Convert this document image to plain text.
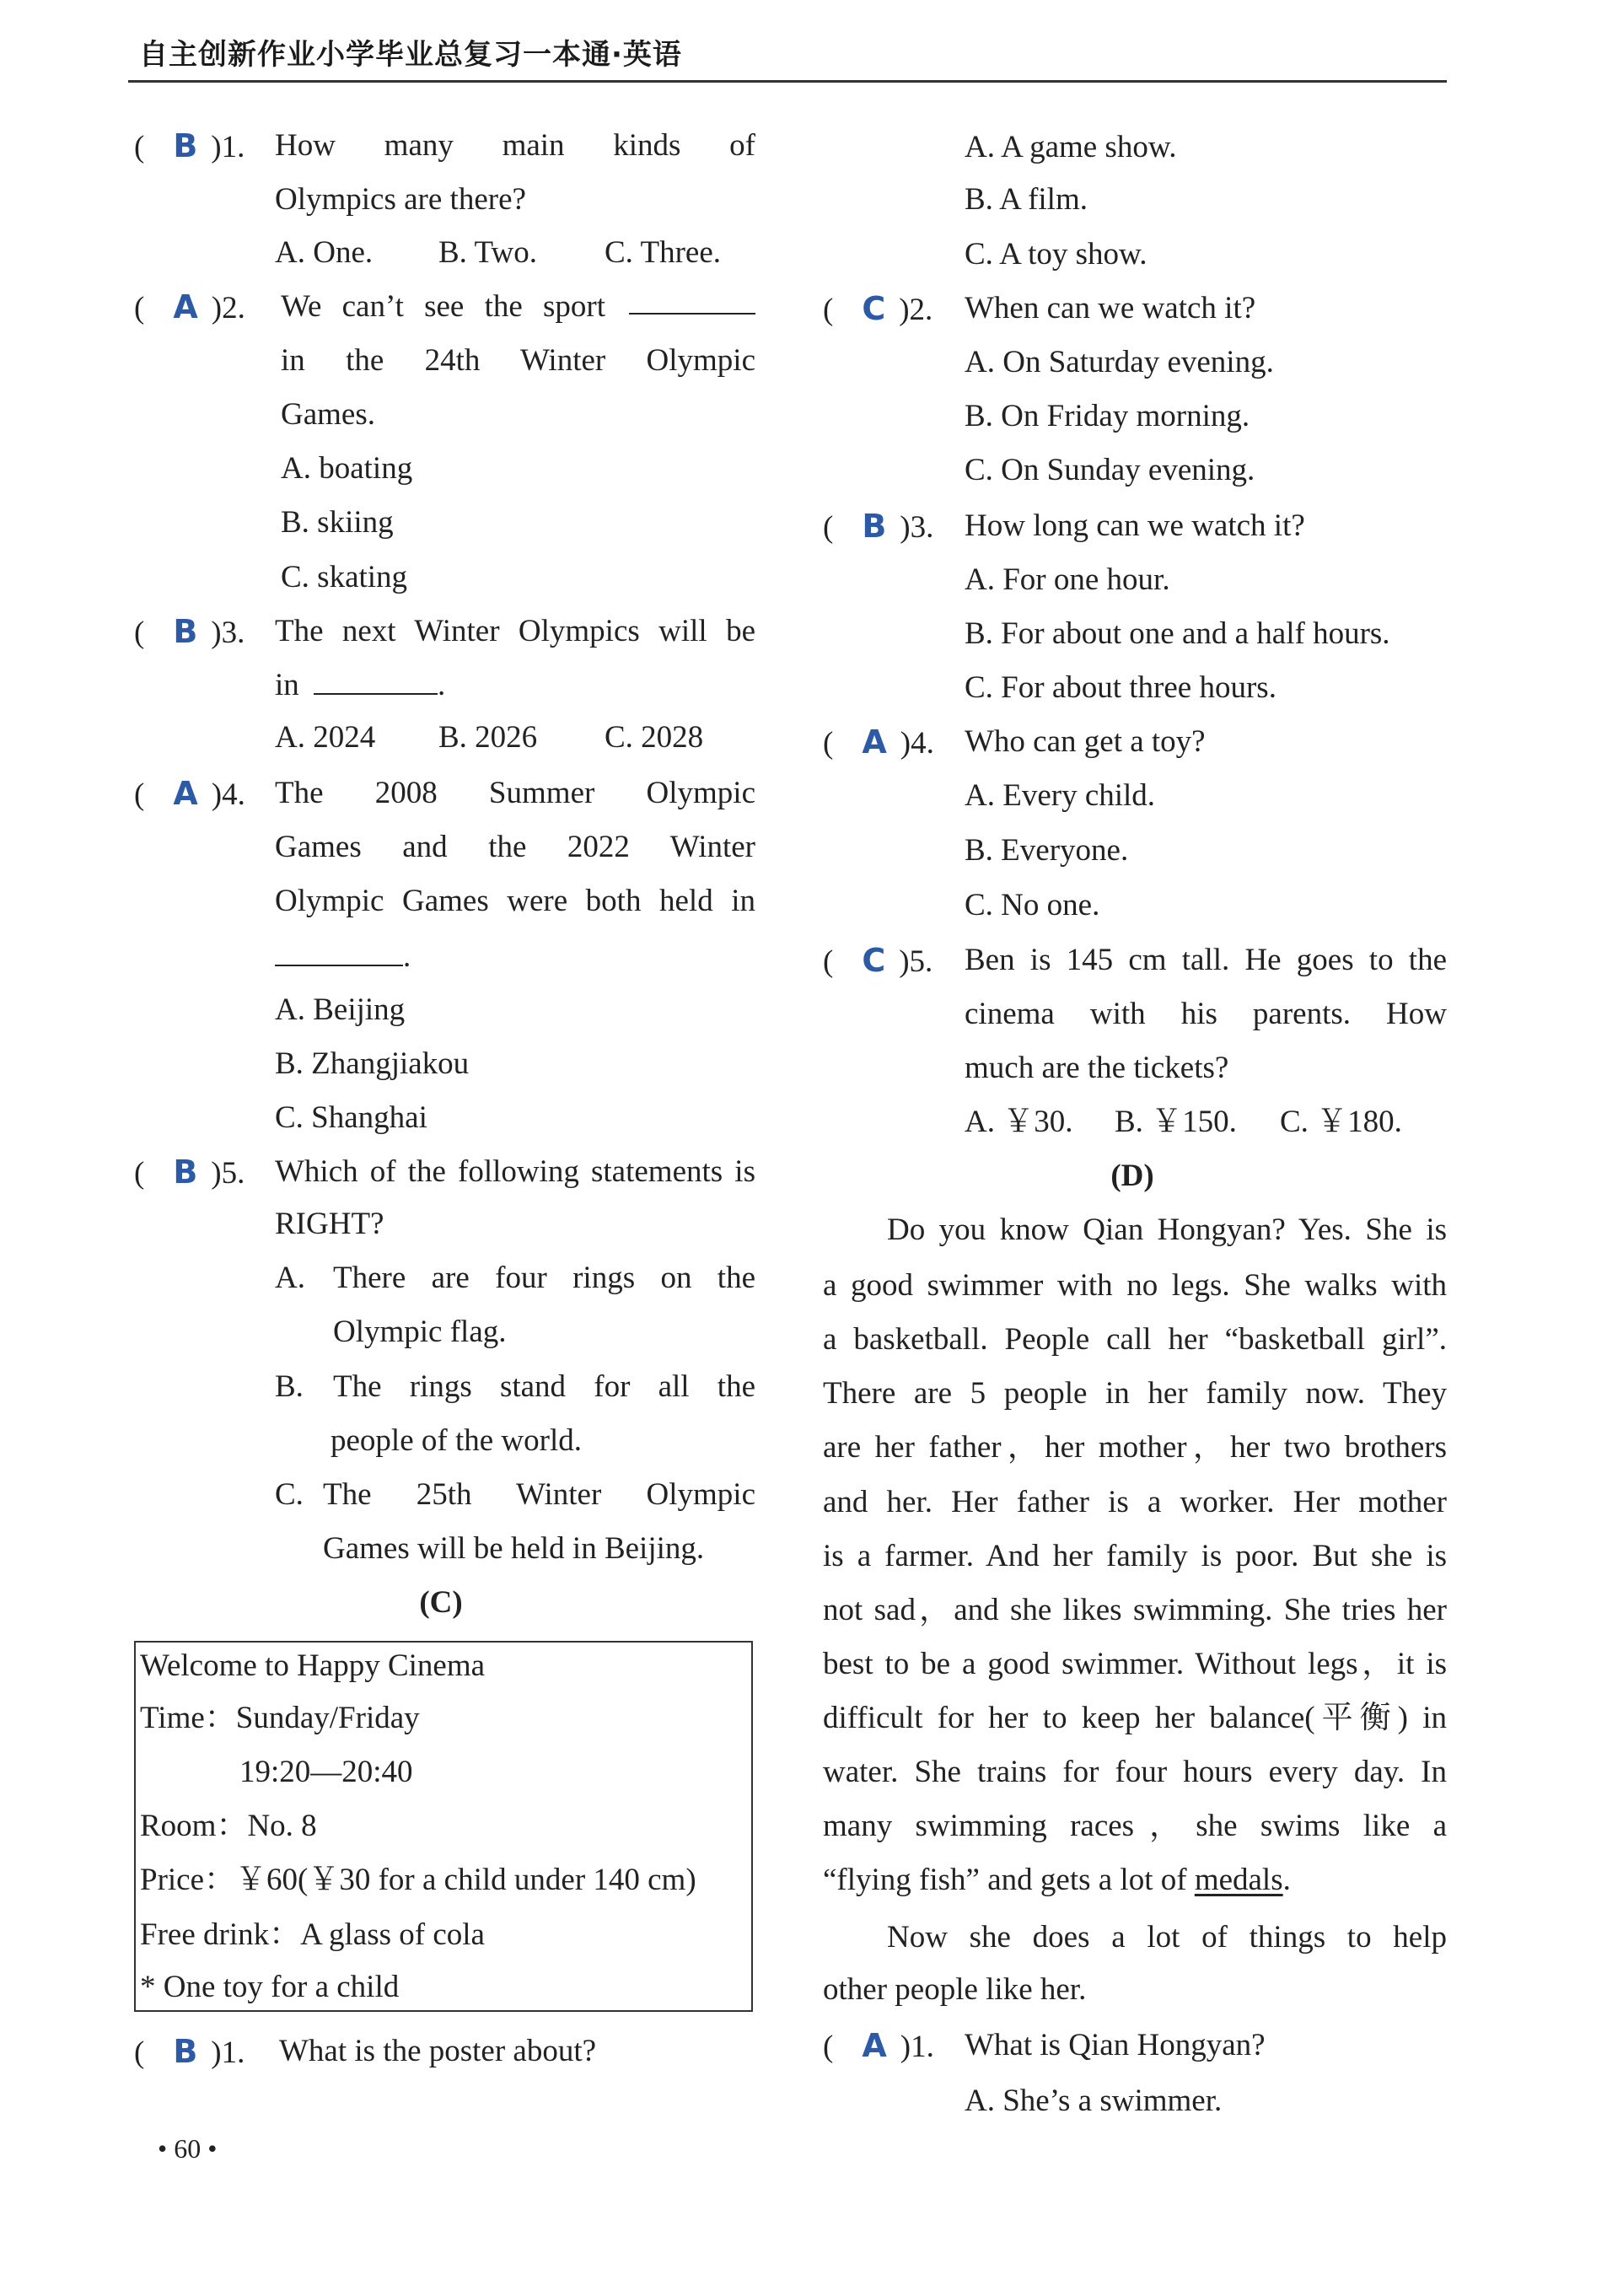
自主创新作业小学毕业总复习一本通·英语
( B )1. How many main kinds of
Olympics are there?
A. One. B. Two. C. Three.
( A )2.	We can’t see the sport
in the 24th Winter Olympic
Games.
A. boating
B. skiing
C. skating
( B )3. The next Winter Olympics will be
in	.
A. 2024 B. 2026 C. 2028
( A )4. The 2008 Summer Olympic
Games and the 2022 Winter
Olympic Games were both held in
.
A. Beijing
B. Zhangjiakou
C. Shanghai
( B )5. Which of the following statements is
RIGHT?
A. There are four rings on the
Olympic flag.
B. The rings stand for all the
people of the world.
C. The 25th Winter Olympic
Games will be held in Beijing.
(C)
Welcome to Happy Cinema
Time：Sunday/Friday
19:20—20:40
Room：No. 8
Price：￥60(￥30 for a child under 140 cm)
Free drink：A glass of cola
* One toy for a child
( B )1.	What is the poster about?
• 60 •
A. A game show.
B. A film.
C. A toy show.
( C )2.	When can we watch it?
A. On Saturday evening.
B. On Friday morning.
C. On Sunday evening.
( B )3. How long can we watch it?
A. For one hour.
B. For about one and a half hours.
C. For about three hours.
( A )4. Who can get a toy?
A. Every child.
B. Everyone.
C. No one.
( C )5.	Ben is 145 cm tall. He goes to the
cinema with his parents. How
much are the tickets?
A. ￥30. B. ￥150. C. ￥180.
(D)
Do you know Qian Hongyan? Yes. She is
a good swimmer with no legs. She walks with
a basketball. People call her “basketball girl”.
There are 5 people in her family now. They
are her father，her mother，her two brothers
and her. Her father is a worker. Her mother
is a farmer. And her family is poor. But she is
not sad，and she likes swimming. She tries her
best to be a good swimmer. Without legs，it is
difficult for her to keep her balance(平衡) in
water. She trains for four hours every day. In
many swimming races，she swims like a
“flying fish” and gets a lot of medals.
Now she does a lot of things to help
other people like her.
( A )1. What is Qian Hongyan?
A. She’s a swimmer.
